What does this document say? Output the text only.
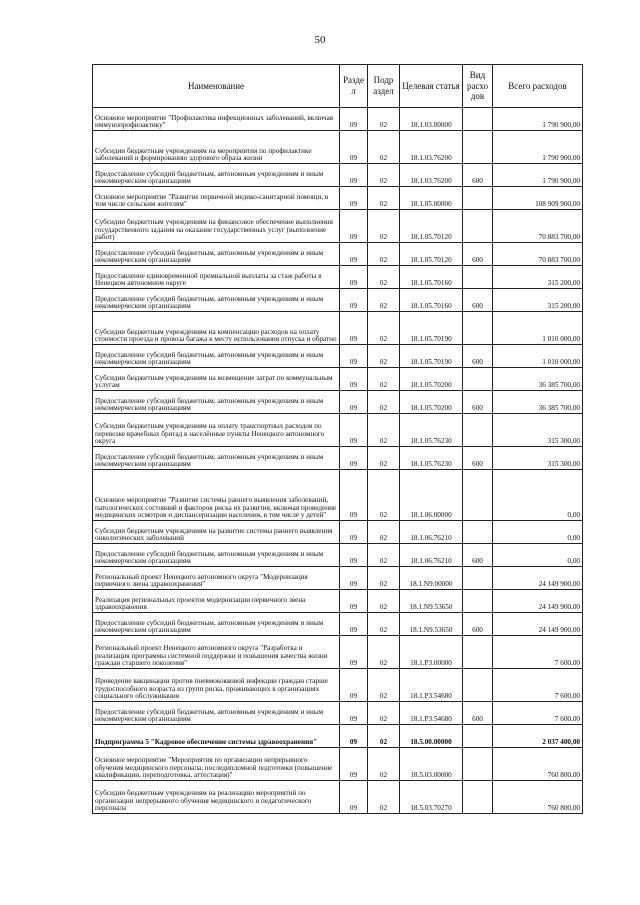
50
Наименование	Разде л	Подр аздел	Целевая статья	Вид расхо дов	Всего расходов
Основное мероприятие "Профилактика инфекционных заболеваний, включая иммунопрофилактику"	09	02	18.1.03.00000		1 790 900,00
Субсидии бюджетным учреждениям на мероприятия по профилактике заболеваний и формированию здорового образа жизни	09	02	18.1.03.76200		1 790 900,00
Предоставление субсидий бюджетным, автономным учреждениям и иным некоммерческим организациям	09	02	18.1.03.76200	600	1 790 900,00
Основное мероприятие "Развитие первичной медико-санитарной помощи, в том числе сельским жителям"	09	02	18.1.05.00000		108 909 900,00
Субсидии бюджетным учреждениям на финансовое обеспечение выполнения государственного задания на оказание государственных услуг (выполнение работ)	09	02	18.1.05.70120		70 883 700,00
Предоставление субсидий бюджетным, автономным учреждениям и иным некоммерческим организациям	09	02	18.1.05.70120	600	70 883 700,00
Предоставление единовременной премиальной выплаты за стаж работы в Ненецком автономном округе	09	02	18.1.05.70160		315 200,00
Предоставление субсидий бюджетным, автономным учреждениям и иным некоммерческим организациям	09	02	18.1.05.70160	600	315 200,00
Субсидии бюджетным учреждениям на компенсацию расходов на оплату стоимости проезда и провоза багажа к месту использования отпуска и обратно	09	02	18.1.05.70190		1 010 000,00
Предоставление субсидий бюджетным, автономным учреждениям и иным некоммерческим организациям	09	02	18.1.05.70190	600	1 010 000,00
Субсидии бюджетным учреждениям на возмещение затрат по коммунальным услугам	09	02	18.1.05.70200		36 385 700,00
Предоставление субсидий бюджетным, автономным учреждениям и иным некоммерческим организациям	09	02	18.1.05.70200	600	36 385 700,00
Субсидии бюджетным учреждениям на оплату транспортных расходов по перевозке врачебных бригад в населённые пункты Ненецкого автономного округа	09	02	18.1.05.76230		315 300,00
Предоставление субсидий бюджетным, автономным учреждениям и иным некоммерческим организациям	09	02	18.1.05.76230	600	315 300,00
Основное мероприятие "Развитие системы раннего выявления заболеваний, патологических состояний и факторов риска их развития, включая проведение медицинских осмотров и диспансеризации населения, в том числе у детей"	09	02	18.1.06.00000		0,00
Субсидии бюджетным учреждениям на развитие системы раннего выявления онкологических заболеваний	09	02	18.1.06.76210		0,00
Предоставление субсидий бюджетным, автономным учреждениям и иным некоммерческим организациям	09	02	18.1.06.76210	600	0,00
Региональный проект Ненецкого автономного округа "Модернизация первичного звена здравоохранения"	09	02	18.1.N9.00000		24 149 900,00
Реализация региональных проектов модернизации первичного звена здравоохранения	09	02	18.1.N9.53650		24 149 900,00
Предоставление субсидий бюджетным, автономным учреждениям и иным некоммерческим организациям	09	02	18.1.N9.53650	600	24 149 900,00
Региональный проект Ненецкого автономного округа "Разработка и реализация программы системной поддержки и повышения качества жизни граждан старшего поколения"	09	02	18.1.P3.00000		7 600,00
Проведение вакцинации против пневмококковой инфекции граждан старше трудоспособного возраста из групп риска, проживающих в организациях социального обслуживания	09	02	18.1.P3.54680		7 600,00
Предоставление субсидий бюджетным, автономным учреждениям и иным некоммерческим организациям	09	02	18.1.P3.54680	600	7 600,00
Подпрограмма 5 "Кадровое обеспечение системы здравоохранения"	09	02	18.5.00.00000		2 037 400,00
Основное мероприятие "Мероприятия по организации непрерывного обучения медицинского персонала, последипломной подготовки (повышение квалификации, переподготовка, аттестация)"	09	02	18.5.03.00000		760 800,00
Субсидии бюджетным учреждениям на реализацию мероприятий по организации непрерывного обучения медицинского и педагогического персонала	09	02	18.5.03.70270		760 800,00
